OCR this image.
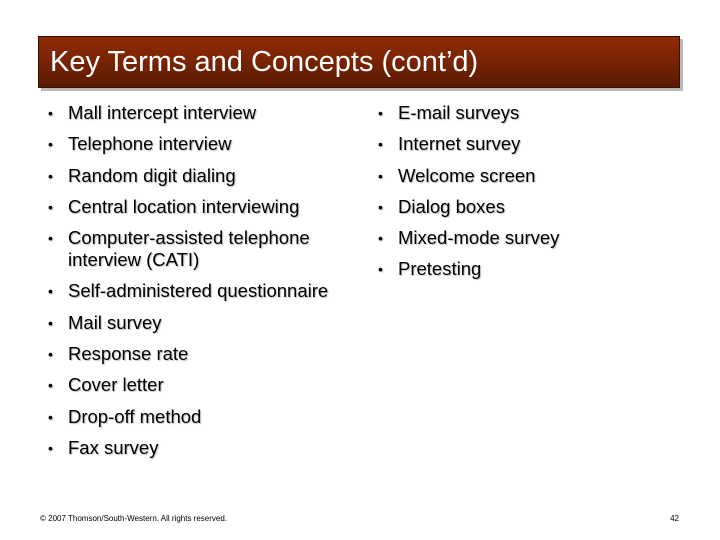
Key Terms and Concepts (cont’d)
• Mall intercept interview
• Telephone interview
• Random digit dialing
• Central location interviewing
• Computer-assisted telephone interview (CATI)
• Self-administered questionnaire
• Mail survey
• Response rate
• Cover letter
• Drop-off method
• Fax survey
• E-mail surveys
• Internet survey
• Welcome screen
• Dialog boxes
• Mixed-mode survey
• Pretesting
© 2007 Thomson/South-Western. All rights reserved.	42
